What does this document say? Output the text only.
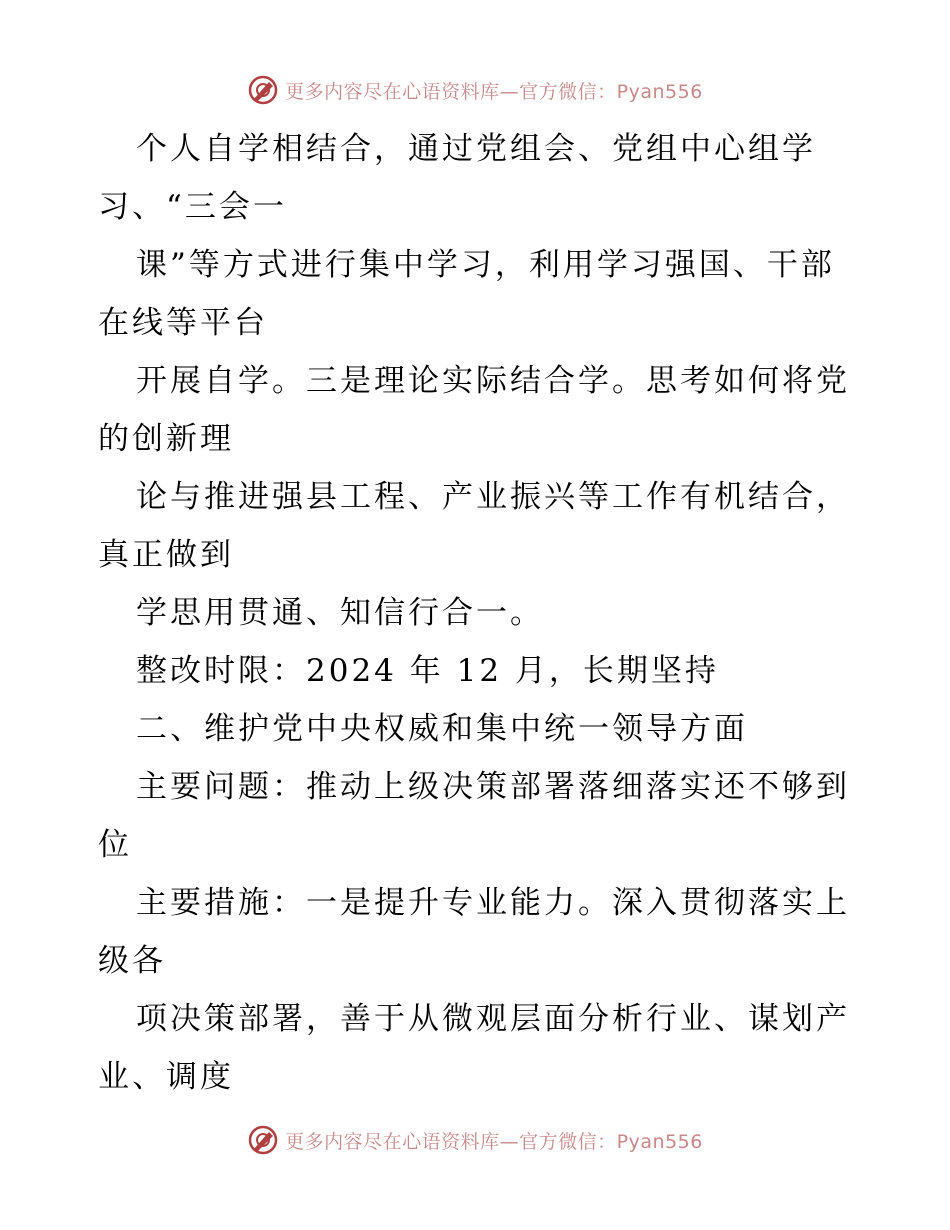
更多内容尽在心语资料库—官方微信：Pyan556
个人自学相结合，通过党组会、党组中心组学
习、“三会一
课”等方式进行集中学习，利用学习强国、干部
在线等平台
开展自学。三是理论实际结合学。思考如何将党
的创新理
论与推进强县工程、产业振兴等工作有机结合，
真正做到
学思用贯通、知信行合一。
整改时限：2024 年 12 月，长期坚持
二、维护党中央权威和集中统一领导方面
主要问题：推动上级决策部署落细落实还不够到
位
主要措施：一是提升专业能力。深入贯彻落实上
级各
项决策部署，善于从微观层面分析行业、谋划产
业、调度
更多内容尽在心语资料库—官方微信：Pyan556
